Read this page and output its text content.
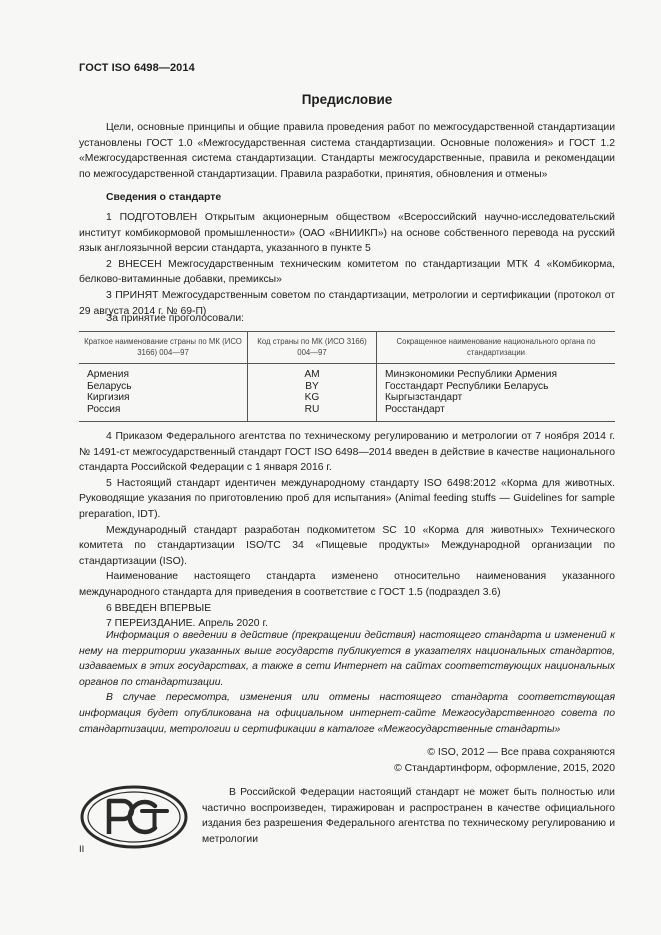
ГОСТ ISO 6498—2014
Предисловие

Цели, основные принципы и общие правила проведения работ по межгосударственной стандартизации установлены ГОСТ 1.0 «Межгосударственная система стандартизации. Основные положения» и ГОСТ 1.2 «Межгосударственная система стандартизации. Стандарты межгосударственные, правила и рекомендации по межгосударственной стандартизации. Правила разработки, принятия, обновления и отмены»

Сведения о стандарте

1 ПОДГОТОВЛЕН Открытым акционерным обществом «Всероссийский научно-исследовательский институт комбикормовой промышленности» (ОАО «ВНИИКП») на основе собственного перевода на русский язык англоязычной версии стандарта, указанного в пункте 5

2 ВНЕСЕН Межгосударственным техническим комитетом по стандартизации МТК 4 «Комбикорма, белково-витаминные добавки, премиксы»

3 ПРИНЯТ Межгосударственным советом по стандартизации, метрологии и сертификации (протокол от 29 августа 2014 г. № 69-П)

За принятие проголосовали:
Краткое наименование страны по МК (ИСО 3166) 004—97	Код страны по МК (ИСО 3166) 004—97	Сокращенное наименование национального органа по стандартизации
Армения	AM	Минэкономики Республики Армения
Беларусь	BY	Госстандарт Республики Беларусь
Киргизия	KG	Кыргызстандарт
Россия	RU	Росстандарт

4 Приказом Федерального агентства по техническому регулированию и метрологии от 7 ноября 2014 г. № 1491-ст межгосударственный стандарт ГОСТ ISO 6498—2014 введен в действие в качестве национального стандарта Российской Федерации с 1 января 2016 г.

5 Настоящий стандарт идентичен международному стандарту ISO 6498:2012 «Корма для животных. Руководящие указания по приготовлению проб для испытания» (Animal feeding stuffs — Guidelines for sample preparation, IDT).

Международный стандарт разработан подкомитетом SC 10 «Корма для животных» Технического комитета по стандартизации ISO/TC 34 «Пищевые продукты» Международной организации по стандартизации (ISO).

Наименование настоящего стандарта изменено относительно наименования указанного международного стандарта для приведения в соответствие с ГОСТ 1.5 (подраздел 3.6)

6 ВВЕДЕН ВПЕРВЫЕ

7 ПЕРЕИЗДАНИЕ. Апрель 2020 г.

Информация о введении в действие (прекращении действия) настоящего стандарта и изменений к нему на территории указанных выше государств публикуется в указателях национальных стандартов, издаваемых в этих государствах, а также в сети Интернет на сайтах соответствующих национальных органов по стандартизации.

В случае пересмотра, изменения или отмены настоящего стандарта соответствующая информация будет опубликована на официальном интернет-сайте Межгосударственного совета по стандартизации, метрологии и сертификации в каталоге «Межгосударственные стандарты»

© ISO, 2012 — Все права сохраняются
© Стандартинформ, оформление, 2015, 2020

В Российской Федерации настоящий стандарт не может быть полностью или частично воспроизведен, тиражирован и распространен в качестве официального издания без разрешения Федерального агентства по техническому регулированию и метрологии

II
